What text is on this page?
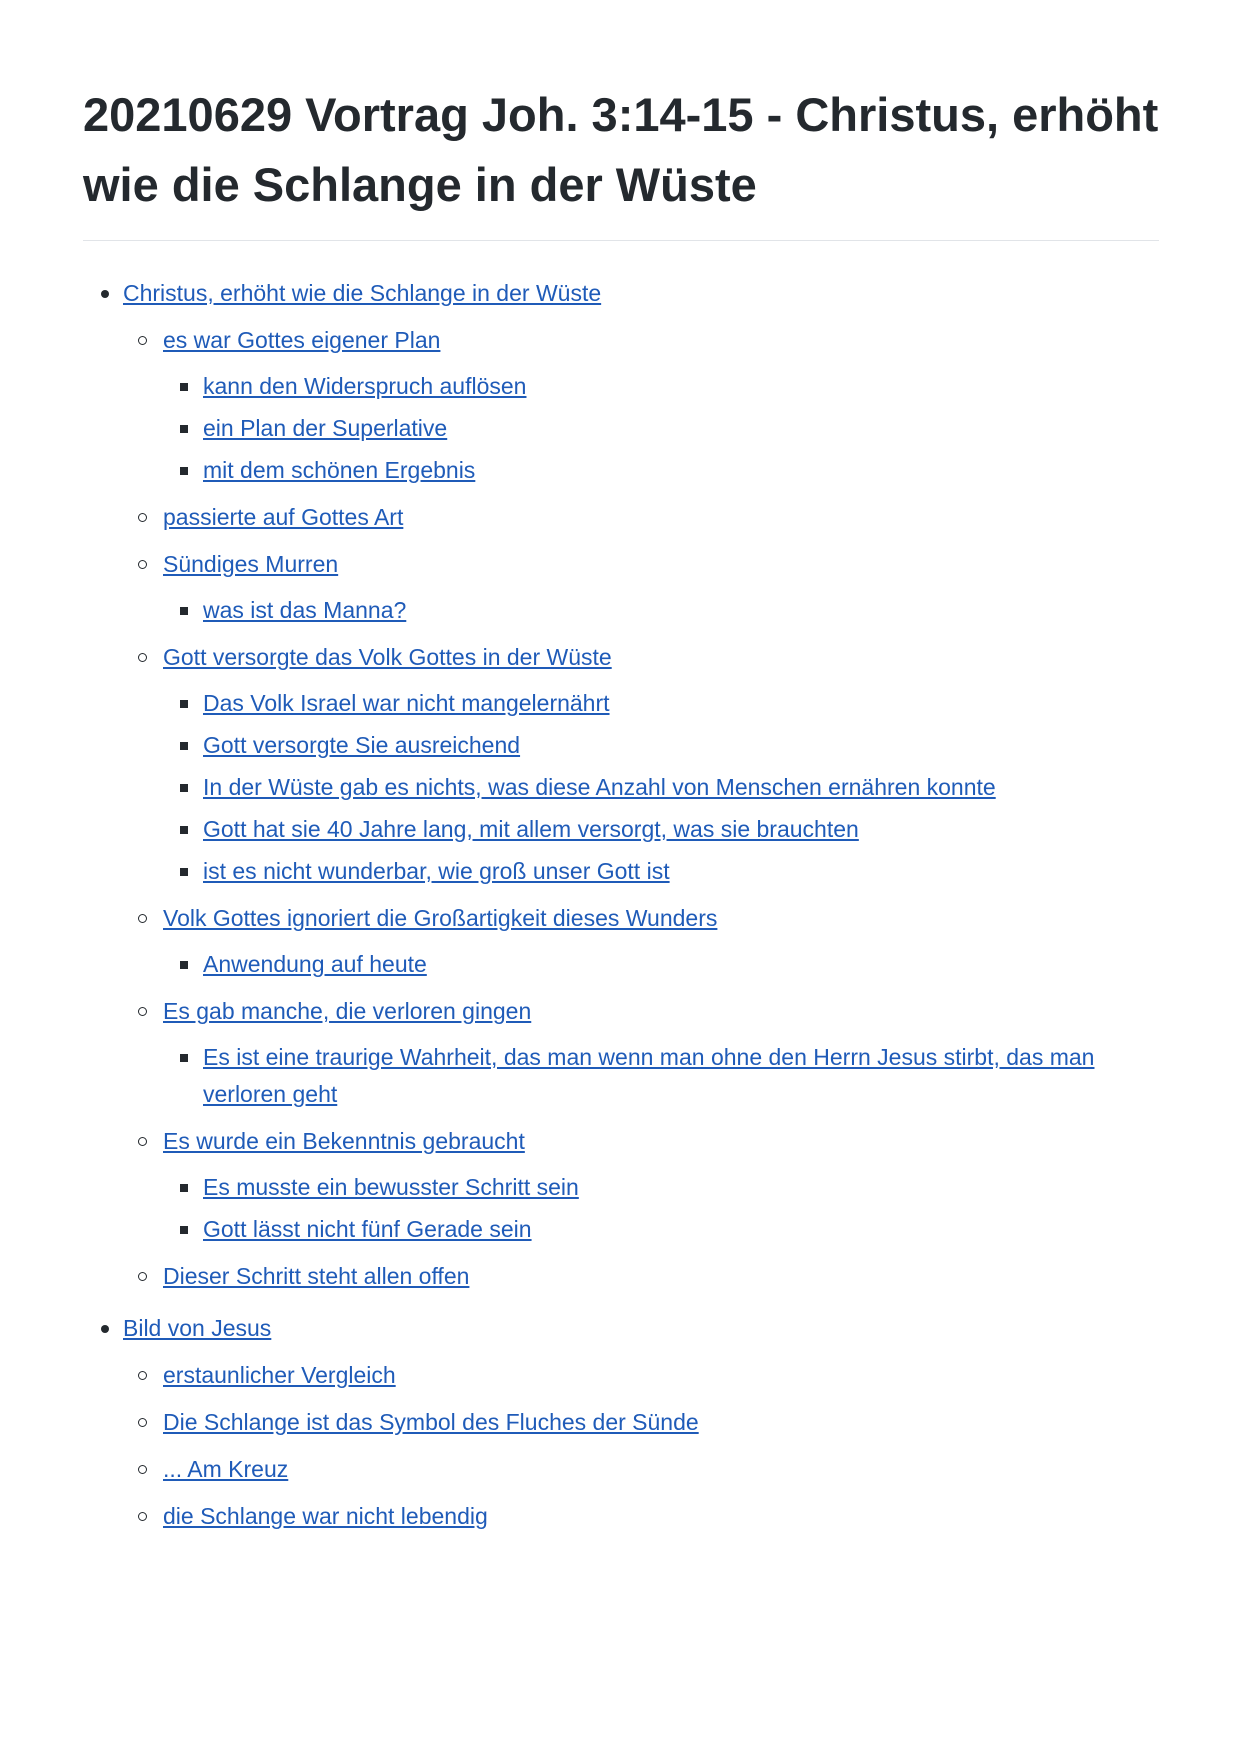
20210629 Vortrag Joh. 3:14-15 - Christus, erhöht wie die Schlange in der Wüste
Christus, erhöht wie die Schlange in der Wüste
es war Gottes eigener Plan
kann den Widerspruch auflösen
ein Plan der Superlative
mit dem schönen Ergebnis
passierte auf Gottes Art
Sündiges Murren
was ist das Manna?
Gott versorgte das Volk Gottes in der Wüste
Das Volk Israel war nicht mangelernährt
Gott versorgte Sie ausreichend
In der Wüste gab es nichts, was diese Anzahl von Menschen ernähren konnte
Gott hat sie 40 Jahre lang, mit allem versorgt, was sie brauchten
ist es nicht wunderbar, wie groß unser Gott ist
Volk Gottes ignoriert die Großartigkeit dieses Wunders
Anwendung auf heute
Es gab manche, die verloren gingen
Es ist eine traurige Wahrheit, das man wenn man ohne den Herrn Jesus stirbt, das man verloren geht
Es wurde ein Bekenntnis gebraucht
Es musste ein bewusster Schritt sein
Gott lässt nicht fünf Gerade sein
Dieser Schritt steht allen offen
Bild von Jesus
erstaunlicher Vergleich
Die Schlange ist das Symbol des Fluches der Sünde
... Am Kreuz
die Schlange war nicht lebendig
